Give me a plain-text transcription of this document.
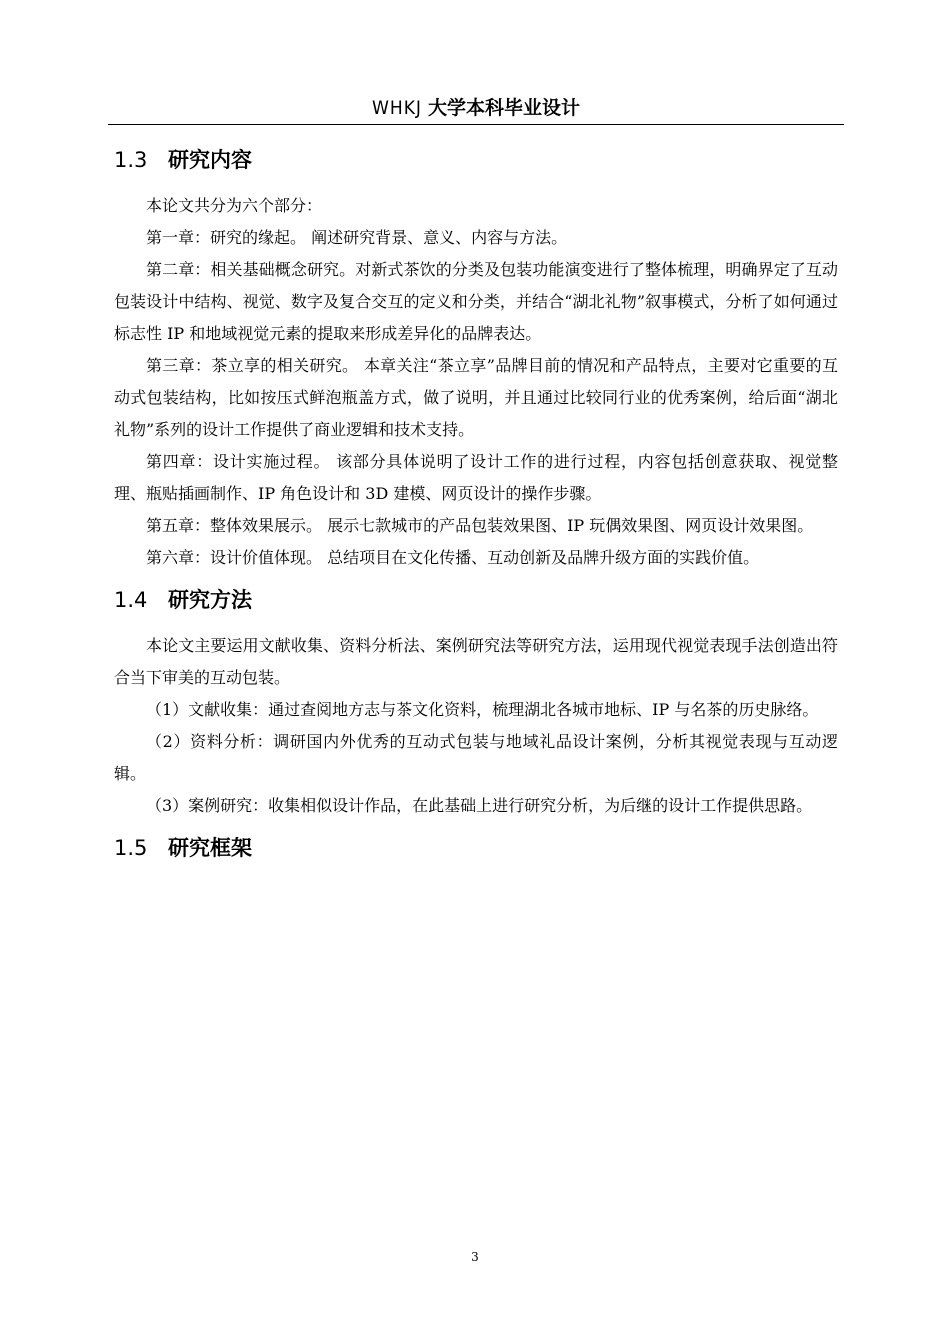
WHKJ 大学本科毕业设计
1.3 研究内容

本论文共分为六个部分：

第一章：研究的缘起。 阐述研究背景、意义、内容与方法。

第二章：相关基础概念研究。对新式茶饮的分类及包装功能演变进行了整体梳理，明确界定了互动包装设计中结构、视觉、数字及复合交互的定义和分类，并结合“湖北礼物”叙事模式，分析了如何通过标志性 IP 和地域视觉元素的提取来形成差异化的品牌表达。

第三章：茶立享的相关研究。 本章关注“茶立享”品牌目前的情况和产品特点，主要对它重要的互动式包装结构，比如按压式鲜泡瓶盖方式，做了说明，并且通过比较同行业的优秀案例，给后面“湖北礼物”系列的设计工作提供了商业逻辑和技术支持。

第四章：设计实施过程。 该部分具体说明了设计工作的进行过程，内容包括创意获取、视觉整理、瓶贴插画制作、IP 角色设计和 3D 建模、网页设计的操作步骤。

第五章：整体效果展示。 展示七款城市的产品包装效果图、IP 玩偶效果图、网页设计效果图。

第六章：设计价值体现。 总结项目在文化传播、互动创新及品牌升级方面的实践价值。

1.4 研究方法

本论文主要运用文献收集、资料分析法、案例研究法等研究方法，运用现代视觉表现手法创造出符合当下审美的互动包装。

（1）文献收集：通过查阅地方志与茶文化资料，梳理湖北各城市地标、IP 与名茶的历史脉络。

（2）资料分析：调研国内外优秀的互动式包装与地域礼品设计案例，分析其视觉表现与互动逻辑。

（3）案例研究：收集相似设计作品，在此基础上进行研究分析，为后继的设计工作提供思路。

1.5 研究框架
3
